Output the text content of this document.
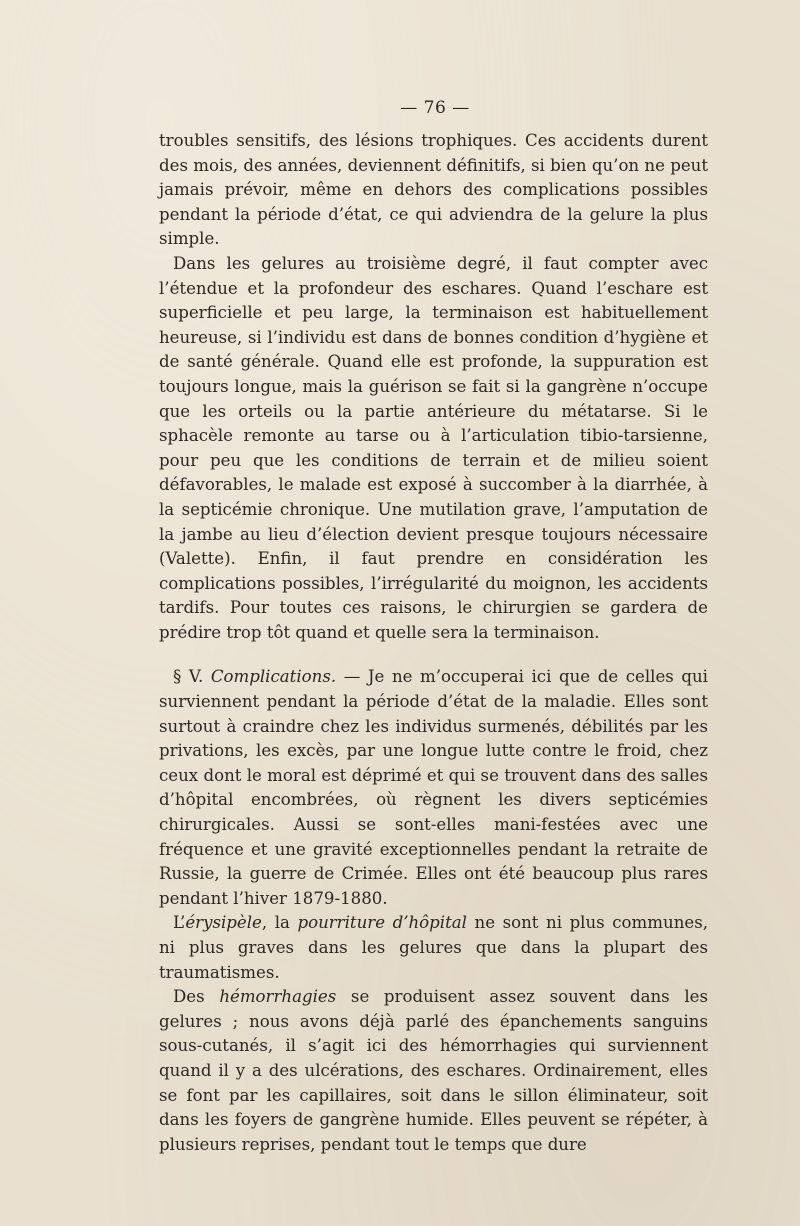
— 76 —

troubles sensitifs, des lésions trophiques. Ces accidents durent des mois, des années, deviennent définitifs, si bien qu’on ne peut jamais prévoir, même en dehors des complications possibles pendant la période d’état, ce qui adviendra de la gelure la plus simple.

Dans les gelures au troisième degré, il faut compter avec l’étendue et la profondeur des eschares. Quand l’eschare est superficielle et peu large, la terminaison est habituellement heureuse, si l’individu est dans de bonnes condition d’hygiène et de santé générale. Quand elle est profonde, la suppuration est toujours longue, mais la guérison se fait si la gangrène n’occupe que les orteils ou la partie antérieure du métatarse. Si le sphacèle remonte au tarse ou à l’articulation tibio-tarsienne, pour peu que les conditions de terrain et de milieu soient défavorables, le malade est exposé à succomber à la diarrhée, à la septicémie chronique. Une mutilation grave, l’amputation de la jambe au lieu d’élection devient presque toujours nécessaire (Valette). Enfin, il faut prendre en considération les complications possibles, l’irrégularité du moignon, les accidents tardifs. Pour toutes ces raisons, le chirurgien se gardera de prédire trop tôt quand et quelle sera la terminaison.

§ V. Complications. — Je ne m’occuperai ici que de celles qui surviennent pendant la période d’état de la maladie. Elles sont surtout à craindre chez les individus surmenés, débilités par les privations, les excès, par une longue lutte contre le froid, chez ceux dont le moral est déprimé et qui se trouvent dans des salles d’hôpital encombrées, où règnent les divers septicémies chirurgicales. Aussi se sont-elles mani-festées avec une fréquence et une gravité exceptionnelles pendant la retraite de Russie, la guerre de Crimée. Elles ont été beaucoup plus rares pendant l’hiver 1879-1880.

L’érysipèle, la pourriture d’hôpital ne sont ni plus communes, ni plus graves dans les gelures que dans la plupart des traumatismes.

Des hémorrhagies se produisent assez souvent dans les gelures ; nous avons déjà parlé des épanchements sanguins sous-cutanés, il s’agit ici des hémorrhagies qui surviennent quand il y a des ulcérations, des eschares. Ordinairement, elles se font par les capillaires, soit dans le sillon éliminateur, soit dans les foyers de gangrène humide. Elles peuvent se répéter, à plusieurs reprises, pendant tout le temps que dure
